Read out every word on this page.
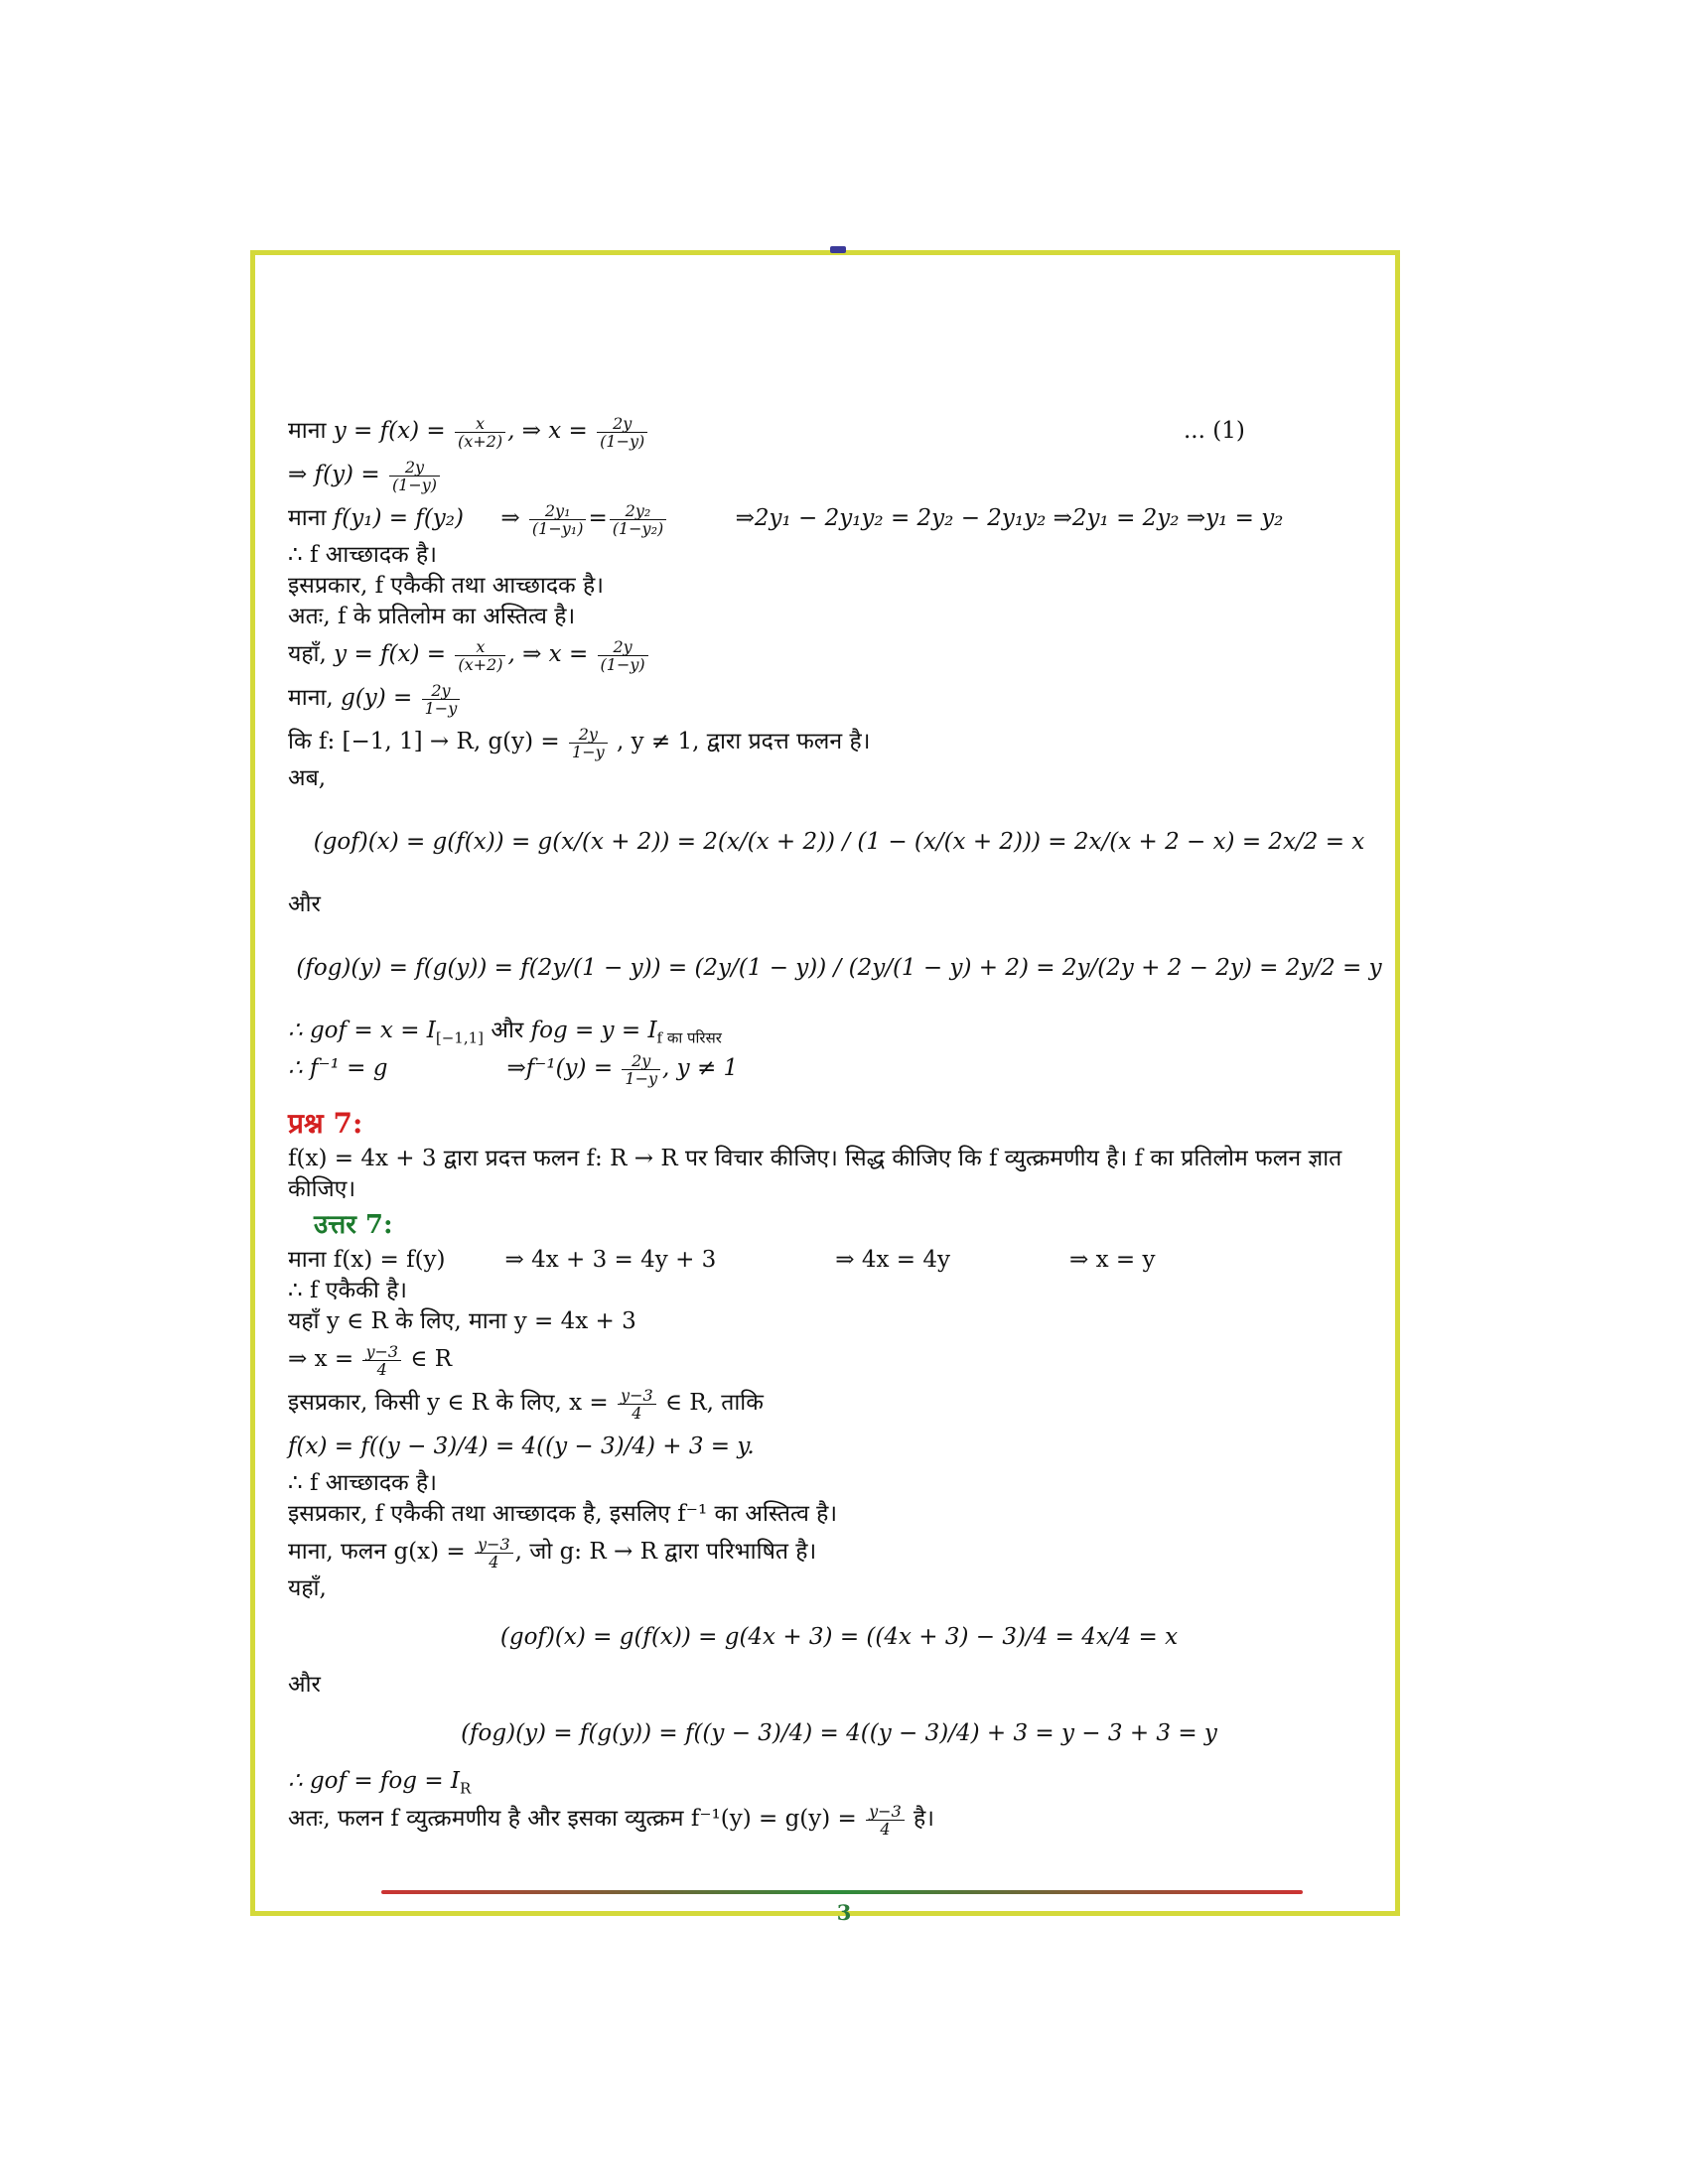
माना $y = f(x) = \frac{x}{(x+2)}$ , ⇒ $x = \frac{2y}{(1-y)}$	... (1)
⇒ $f(y) = \frac{2y}{(1-y)}$
माना f(y₁) = f(y₂) ⇒ $\frac{\text{2y₁}}{\text{(1−y₁)}} = \frac{\text{2y₂}}{\text{(1−y₂)}}$	⇒2y₁ − 2y₁y₂ = 2y₂ − 2y₁y₂ ⇒2y₁ = 2y₂ ⇒y₁ = y₂
∴ f आच्छादक है।
इसप्रकार, f एकैकी तथा आच्छादक है।
अतः, f के प्रतिलोम का अस्तित्व है।
यहाँ, $y = f(x) = \frac{x}{(x+2)}$ , ⇒ $x = \frac{2y}{(1-y)}$
माना, $g(y) = \frac{2y}{1-y}$
कि f: [−1, 1] → R, $g(y) = \frac{2y}{1-y}$ , y ≠ 1, द्वारा प्रदत्त फलन है।
अब,
(gof)(x) = g(f(x)) = g(x/(x + 2)) = 2(x/(x + 2)) / (1 − (x/(x + 2))) = 2x/(x + 2 − x) = 2x/2 = x
और
(fog)(y) = f(g(y)) = f(2y/(1 − y)) = (2y/(1 − y)) / (2y/(1 − y) + 2) = 2y/(2y + 2 − 2y) = 2y/2 = y
∴ gof = $x = I_{[-1,1]}$ और fog = $y = I_{f का परिसर}$
∴ f⁻¹ = g	⇒f⁻¹(y) = $\frac{2y}{1-y}$ , y ≠ 1
प्रश्न 7:
f(x) = 4x + 3 द्वारा प्रदत्त फलन f: R → R पर विचार कीजिए। सिद्ध कीजिए कि f व्युत्क्रमणीय है। f का प्रतिलोम फलन ज्ञात
कीजिए।
उत्तर 7:
माना f(x) = f(y)	⇒ 4x + 3 = 4y + 3	⇒ 4x = 4y	⇒ x = y
∴ f एकैकी है।
यहाँ y ∈ R के लिए, माना y = 4x + 3
⇒ $x = \frac{y-3}{4}$ ∈ R
इसप्रकार, किसी y ∈ R के लिए, $x = \frac{y-3}{4}$ ∈ R, ताकि
f(x) = f((y − 3)/4) = 4((y − 3)/4) + 3 = y.
∴ f आच्छादक है।
इसप्रकार, f एकैकी तथा आच्छादक है, इसलिए f⁻¹ का अस्तित्व है।
माना, फलन $g(x) = \frac{y-3}{4}$ , जो g: R → R द्वारा परिभाषित है।
यहाँ,
(gof)(x) = g(f(x)) = g(4x + 3) = ((4x + 3) − 3)/4 = 4x/4 = x
और
(fog)(y) = f(g(y)) = f((y − 3)/4) = 4((y − 3)/4) + 3 = y − 3 + 3 = y
∴ gof = fog = $I_R$
अतः, फलन f व्युत्क्रमणीय है और इसका व्युत्क्रम $f^{-1}(y) = g(y) = \frac{y-3}{4}$ है।
3
